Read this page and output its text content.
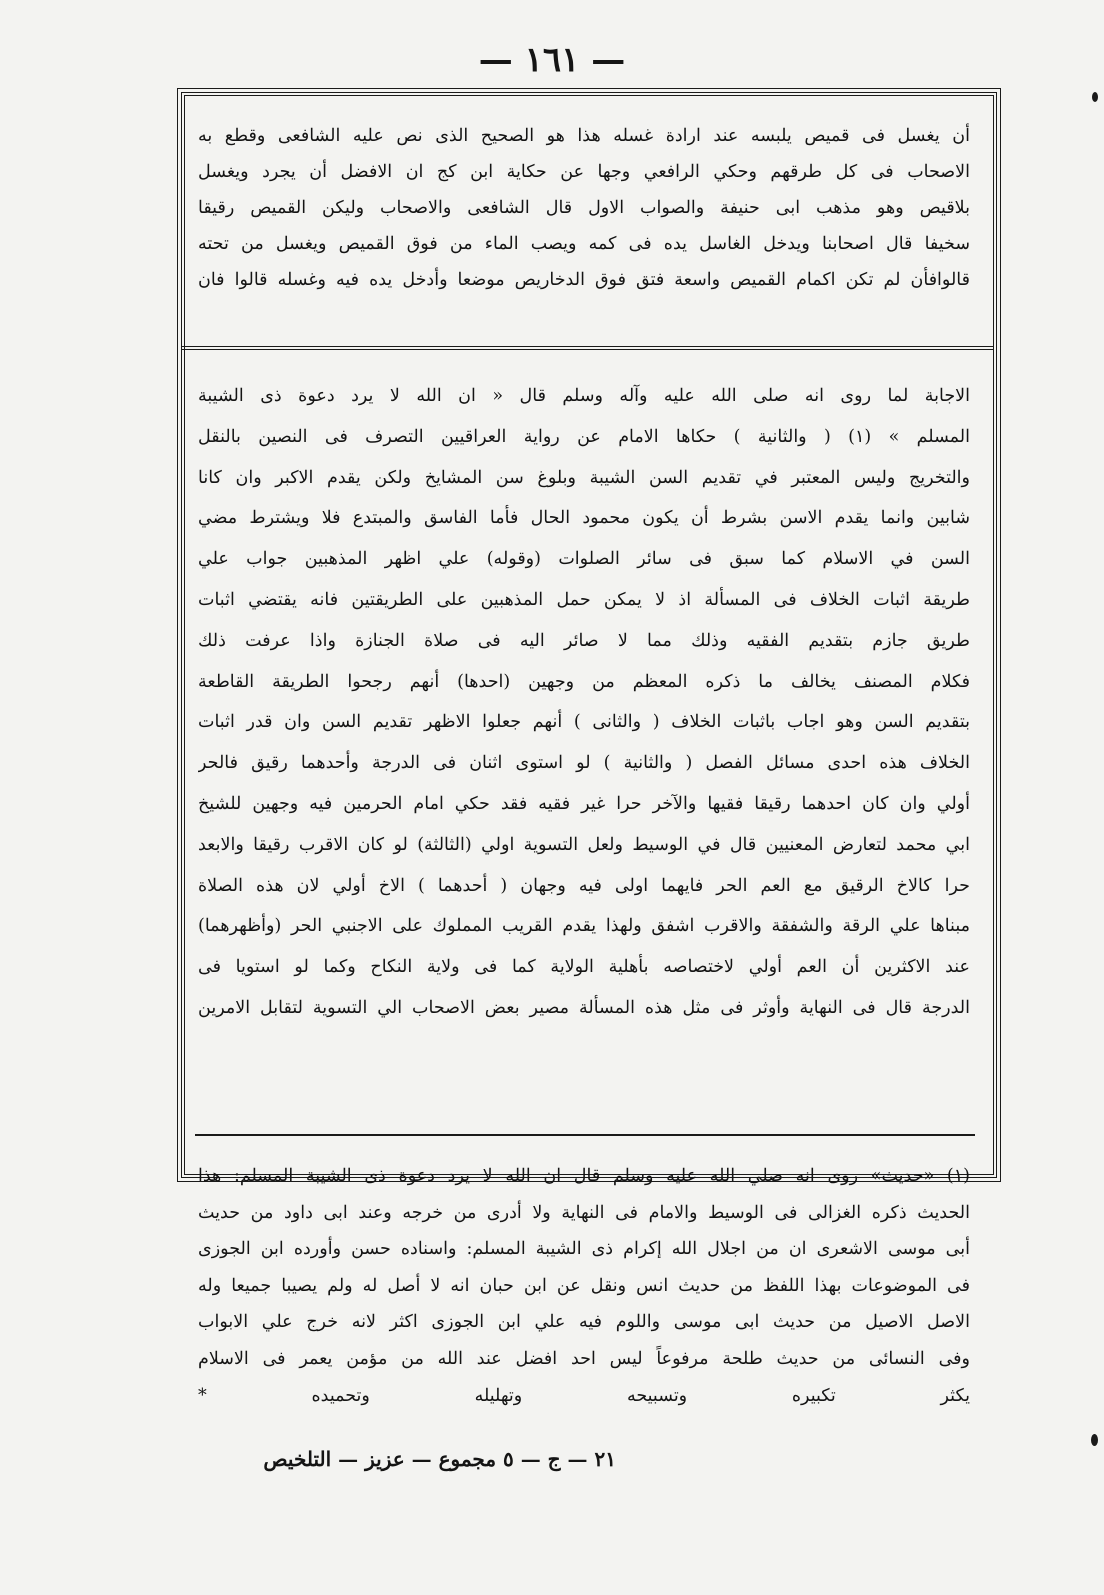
— ١٦١ —

أن يغسل فى قميص يلبسه عند ارادة غسله هذا هو الصحيح الذى نص عليه الشافعى وقطع به

الاصحاب فى كل طرقهم وحكي الرافعي وجها عن حكاية ابن كج ان الافضل أن يجرد ويغسل

بلاقيص وهو مذهب ابى حنيفة والصواب الاول قال الشافعى والاصحاب وليكن القميص رقيقا

سخيفا قال اصحابنا ويدخل الغاسل يده فى كمه ويصب الماء من فوق القميص ويغسل من تحته

قالوافأن لم تكن اكمام القميص واسعة فتق فوق الدخاريص موضعا وأدخل يده فيه وغسله قالوا فان

الاجابة لما روى انه صلى الله عليه وآله وسلم قال « ان الله لا يرد دعوة ذى الشيبة

المسلم » (١) ( والثانية ) حكاها الامام عن رواية العراقيين التصرف فى النصين بالنقل

والتخريج وليس المعتبر في تقديم السن الشيبة وبلوغ سن المشايخ ولكن يقدم الاكبر وان كانا

شابين وانما يقدم الاسن بشرط أن يكون محمود الحال فأما الفاسق والمبتدع فلا ويشترط مضي

السن في الاسلام كما سبق فى سائر الصلوات (وقوله) علي اظهر المذهبين جواب علي

طريقة اثبات الخلاف فى المسألة اذ لا يمكن حمل المذهبين على الطريقتين فانه يقتضي اثبات

طريق جازم بتقديم الفقيه وذلك مما لا صائر اليه فى صلاة الجنازة واذا عرفت ذلك

فكلام المصنف يخالف ما ذكره المعظم من وجهين (احدها) أنهم رجحوا الطريقة القاطعة

بتقديم السن وهو اجاب باثبات الخلاف ( والثانى ) أنهم جعلوا الاظهر تقديم السن وان قدر اثبات

الخلاف هذه احدى مسائل الفصل ( والثانية ) لو استوى اثنان فى الدرجة وأحدهما رقيق فالحر

أولي وان كان احدهما رقيقا فقيها والآخر حرا غير فقيه فقد حكي امام الحرمين فيه وجهين للشيخ

ابي محمد لتعارض المعنيين قال في الوسيط ولعل التسوية اولي (الثالثة) لو كان الاقرب رقيقا والابعد

حرا كالاخ الرقيق مع العم الحر فايهما اولى فيه وجهان ( أحدهما ) الاخ أولي لان هذه الصلاة

مبناها علي الرقة والشفقة والاقرب اشفق ولهذا يقدم القريب المملوك على الاجنبي الحر (وأظهرهما)

عند الاكثرين أن العم أولي لاختصاصه بأهلية الولاية كما فى ولاية النكاح وكما لو استويا فى

الدرجة قال فى النهاية وأوثر فى مثل هذه المسألة مصير بعض الاصحاب الي التسوية لتقابل الامرين

(١) «حديث» روى انه صلي الله عليه وسلم قال ان الله لا يرد دعوة ذى الشيبة المسلم: هذا

الحديث ذكره الغزالى فى الوسيط والامام فى النهاية ولا أدرى من خرجه وعند ابى داود من حديث

أبى موسى الاشعرى ان من اجلال الله إكرام ذى الشيبة المسلم: واسناده حسن وأورده ابن الجوزى

فى الموضوعات بهذا اللفظ من حديث انس ونقل عن ابن حبان انه لا أصل له ولم يصيبا جميعا وله

الاصل الاصيل من حديث ابى موسى واللوم فيه علي ابن الجوزى اكثر لانه خرج علي الابواب

وفى النسائى من حديث طلحة مرفوعاً ليس احد افضل عند الله من مؤمن يعمر فى الاسلام

يكثر تكبيره وتسبيحه وتهليله وتحميده *

٢١ — ج — ٥ مجموع — عزيز — التلخيص
